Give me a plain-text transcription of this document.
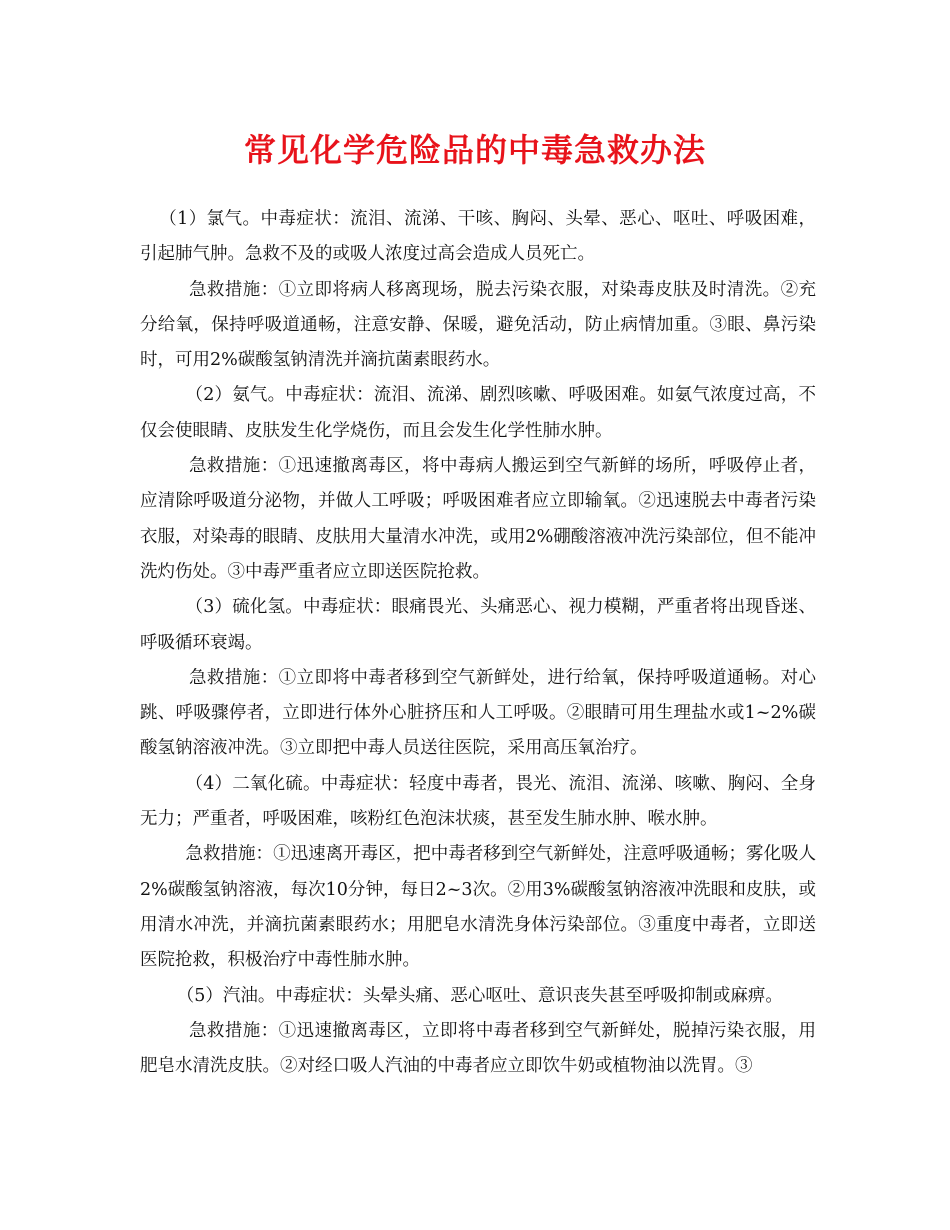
常见化学危险品的中毒急救办法

（1）氯气。中毒症状：流泪、流涕、干咳、胸闷、头晕、恶心、呕吐、呼吸困难，引起肺气肿。急救不及的或吸人浓度过高会造成人员死亡。

急救措施：①立即将病人移离现场，脱去污染衣服，对染毒皮肤及时清洗。②充分给氧，保持呼吸道通畅，注意安静、保暖，避免活动，防止病情加重。③眼、鼻污染时，可用2%碳酸氢钠清洗并滴抗菌素眼药水。

（2）氨气。中毒症状：流泪、流涕、剧烈咳嗽、呼吸困难。如氨气浓度过高，不仅会使眼睛、皮肤发生化学烧伤，而且会发生化学性肺水肿。

急救措施：①迅速撤离毒区，将中毒病人搬运到空气新鲜的场所，呼吸停止者，应清除呼吸道分泌物，并做人工呼吸；呼吸困难者应立即输氧。②迅速脱去中毒者污染衣服，对染毒的眼睛、皮肤用大量清水冲洗，或用2%硼酸溶液冲洗污染部位，但不能冲洗灼伤处。③中毒严重者应立即送医院抢救。

（3）硫化氢。中毒症状：眼痛畏光、头痛恶心、视力模糊，严重者将出现昏迷、呼吸循环衰竭。

急救措施：①立即将中毒者移到空气新鲜处，进行给氧，保持呼吸道通畅。对心跳、呼吸骤停者，立即进行体外心脏挤压和人工呼吸。②眼睛可用生理盐水或1~2%碳酸氢钠溶液冲洗。③立即把中毒人员送往医院，采用高压氧治疗。

（4）二氧化硫。中毒症状：轻度中毒者，畏光、流泪、流涕、咳嗽、胸闷、全身无力；严重者，呼吸困难，咳粉红色泡沫状痰，甚至发生肺水肿、喉水肿。

急救措施：①迅速离开毒区，把中毒者移到空气新鲜处，注意呼吸通畅；雾化吸人2%碳酸氢钠溶液，每次10分钟，每日2~3次。②用3%碳酸氢钠溶液冲洗眼和皮肤，或用清水冲洗，并滴抗菌素眼药水；用肥皂水清洗身体污染部位。③重度中毒者，立即送医院抢救，积极治疗中毒性肺水肿。

（5）汽油。中毒症状：头晕头痛、恶心呕吐、意识丧失甚至呼吸抑制或麻痹。

急救措施：①迅速撤离毒区，立即将中毒者移到空气新鲜处，脱掉污染衣服，用肥皂水清洗皮肤。②对经口吸人汽油的中毒者应立即饮牛奶或植物油以洗胃。③
